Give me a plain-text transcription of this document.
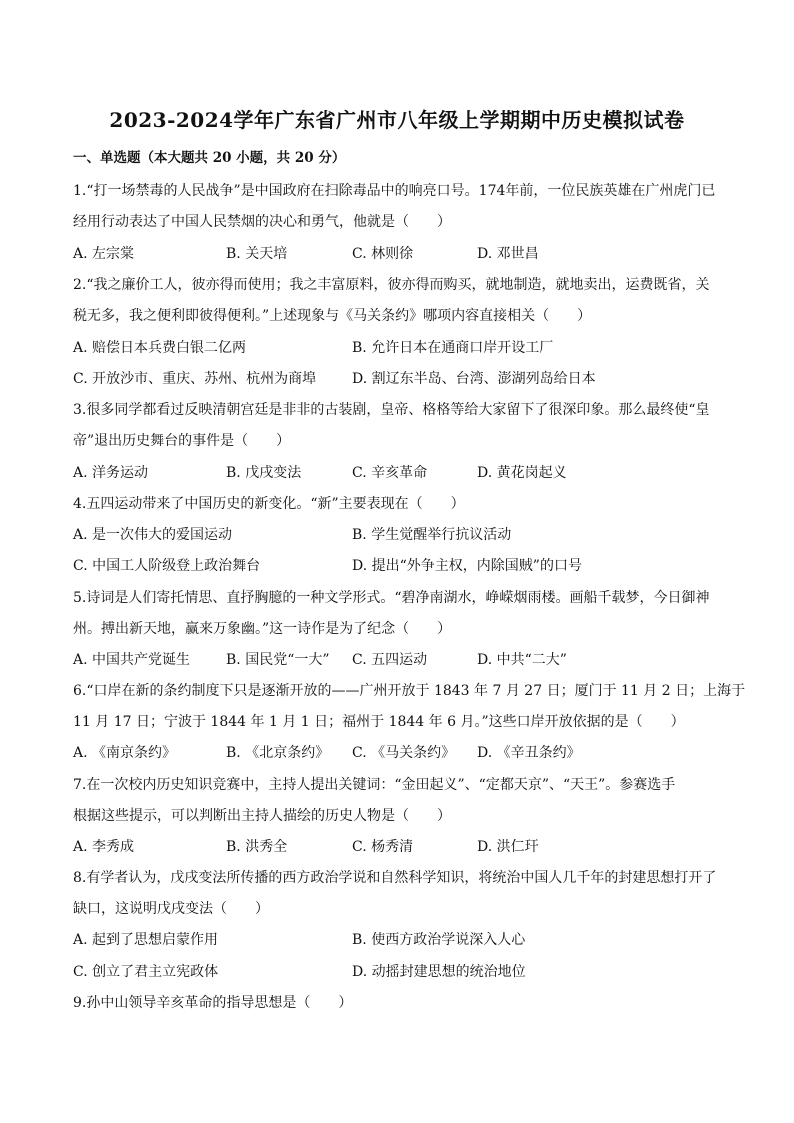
2023-2024学年广东省广州市八年级上学期期中历史模拟试卷
一、单选题（本大题共 20 小题，共 20 分）
1.“打一场禁毒的人民战争”是中国政府在扫除毒品中的响亮口号。174年前，一位民族英雄在广州虎门已
经用行动表达了中国人民禁烟的决心和勇气，他就是（　　）
A. 左宗棠	B. 关天培	C. 林则徐	D. 邓世昌
2.“我之廉价工人，彼亦得而使用；我之丰富原料，彼亦得而购买，就地制造，就地卖出，运费既省，关
税无多，我之便利即彼得便利。”上述现象与《马关条约》哪项内容直接相关（　　）
A. 赔偿日本兵费白银二亿两	B. 允许日本在通商口岸开设工厂
C. 开放沙市、重庆、苏州、杭州为商埠	D. 割辽东半岛、台湾、澎湖列岛给日本
3.很多同学都看过反映清朝宫廷是非非的古装剧，皇帝、格格等给大家留下了很深印象。那么最终使“皇
帝”退出历史舞台的事件是（　　）
A. 洋务运动	B. 戊戌变法	C. 辛亥革命	D. 黄花岗起义
4.五四运动带来了中国历史的新变化。“新”主要表现在（　　）
A. 是一次伟大的爱国运动	B. 学生觉醒举行抗议活动
C. 中国工人阶级登上政治舞台	D. 提出“外争主权，内除国贼”的口号
5.诗词是人们寄托情思、直抒胸臆的一种文学形式。“碧净南湖水，峥嵘烟雨楼。画船千载梦，今日御神
州。搏出新天地，赢来万象幽。”这一诗作是为了纪念（　　）
A. 中国共产党诞生	B. 国民党“一大” C. 五四运动	D. 中共“二大”
6.“口岸在新的条约制度下只是逐渐开放的——广州开放于 1843 年 7 月 27 日；厦门于 11 月 2 日；上海于
11 月 17 日；宁波于 1844 年 1 月 1 日；福州于 1844 年 6 月。”这些口岸开放依据的是（　　）
A. 《南京条约》	B. 《北京条约》 C. 《马关条约》 D. 《辛丑条约》
7.在一次校内历史知识竞赛中，主持人提出关键词：“金田起义”、“定都天京”、“天王”。参赛选手
根据这些提示，可以判断出主持人描绘的历史人物是（　　）
A. 李秀成	B. 洪秀全	C. 杨秀清	D. 洪仁玕
8.有学者认为，戊戌变法所传播的西方政治学说和自然科学知识，将统治中国人几千年的封建思想打开了
缺口，这说明戊戌变法（　　）
A. 起到了思想启蒙作用	B. 使西方政治学说深入人心
C. 创立了君主立宪政体	D. 动摇封建思想的统治地位
9.孙中山领导辛亥革命的指导思想是（　　）
